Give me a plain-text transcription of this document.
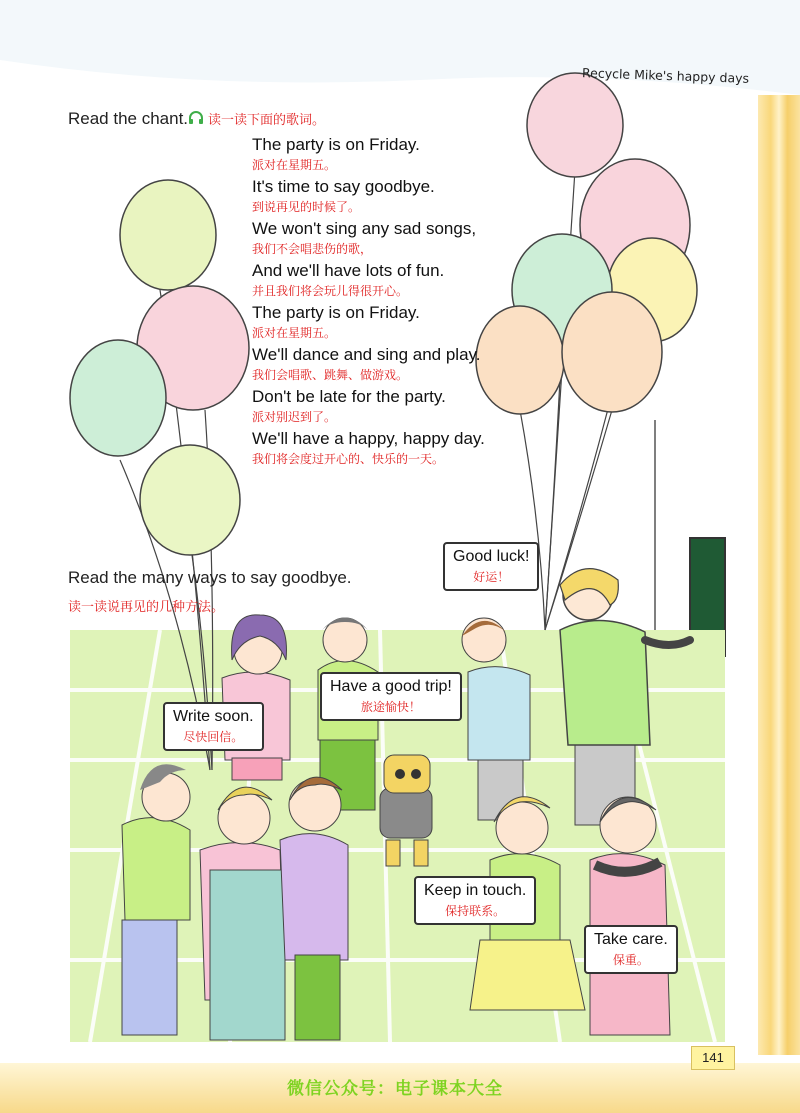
Recycle Mike's happy days
Read the chant. 读一读下面的歌词。
The party is on Friday.
派对在星期五。
It's time to say goodbye.
到说再见的时候了。
We won't sing any sad songs,
我们不会唱悲伤的歌，
And we'll have lots of fun.
并且我们将会玩儿得很开心。
The party is on Friday.
派对在星期五。
We'll dance and sing and play.
我们会唱歌、跳舞、做游戏。
Don't be late for the party.
派对别迟到了。
We'll have a happy, happy day.
我们将会度过开心的、快乐的一天。
Read the many ways to say goodbye.
读一读说再见的几种方法。
Good luck!
好运！
Have a good trip!
旅途愉快！
Write soon.
尽快回信。
Keep in touch.
保持联系。
Take care.
保重。
141
微信公众号：电子课本大全
